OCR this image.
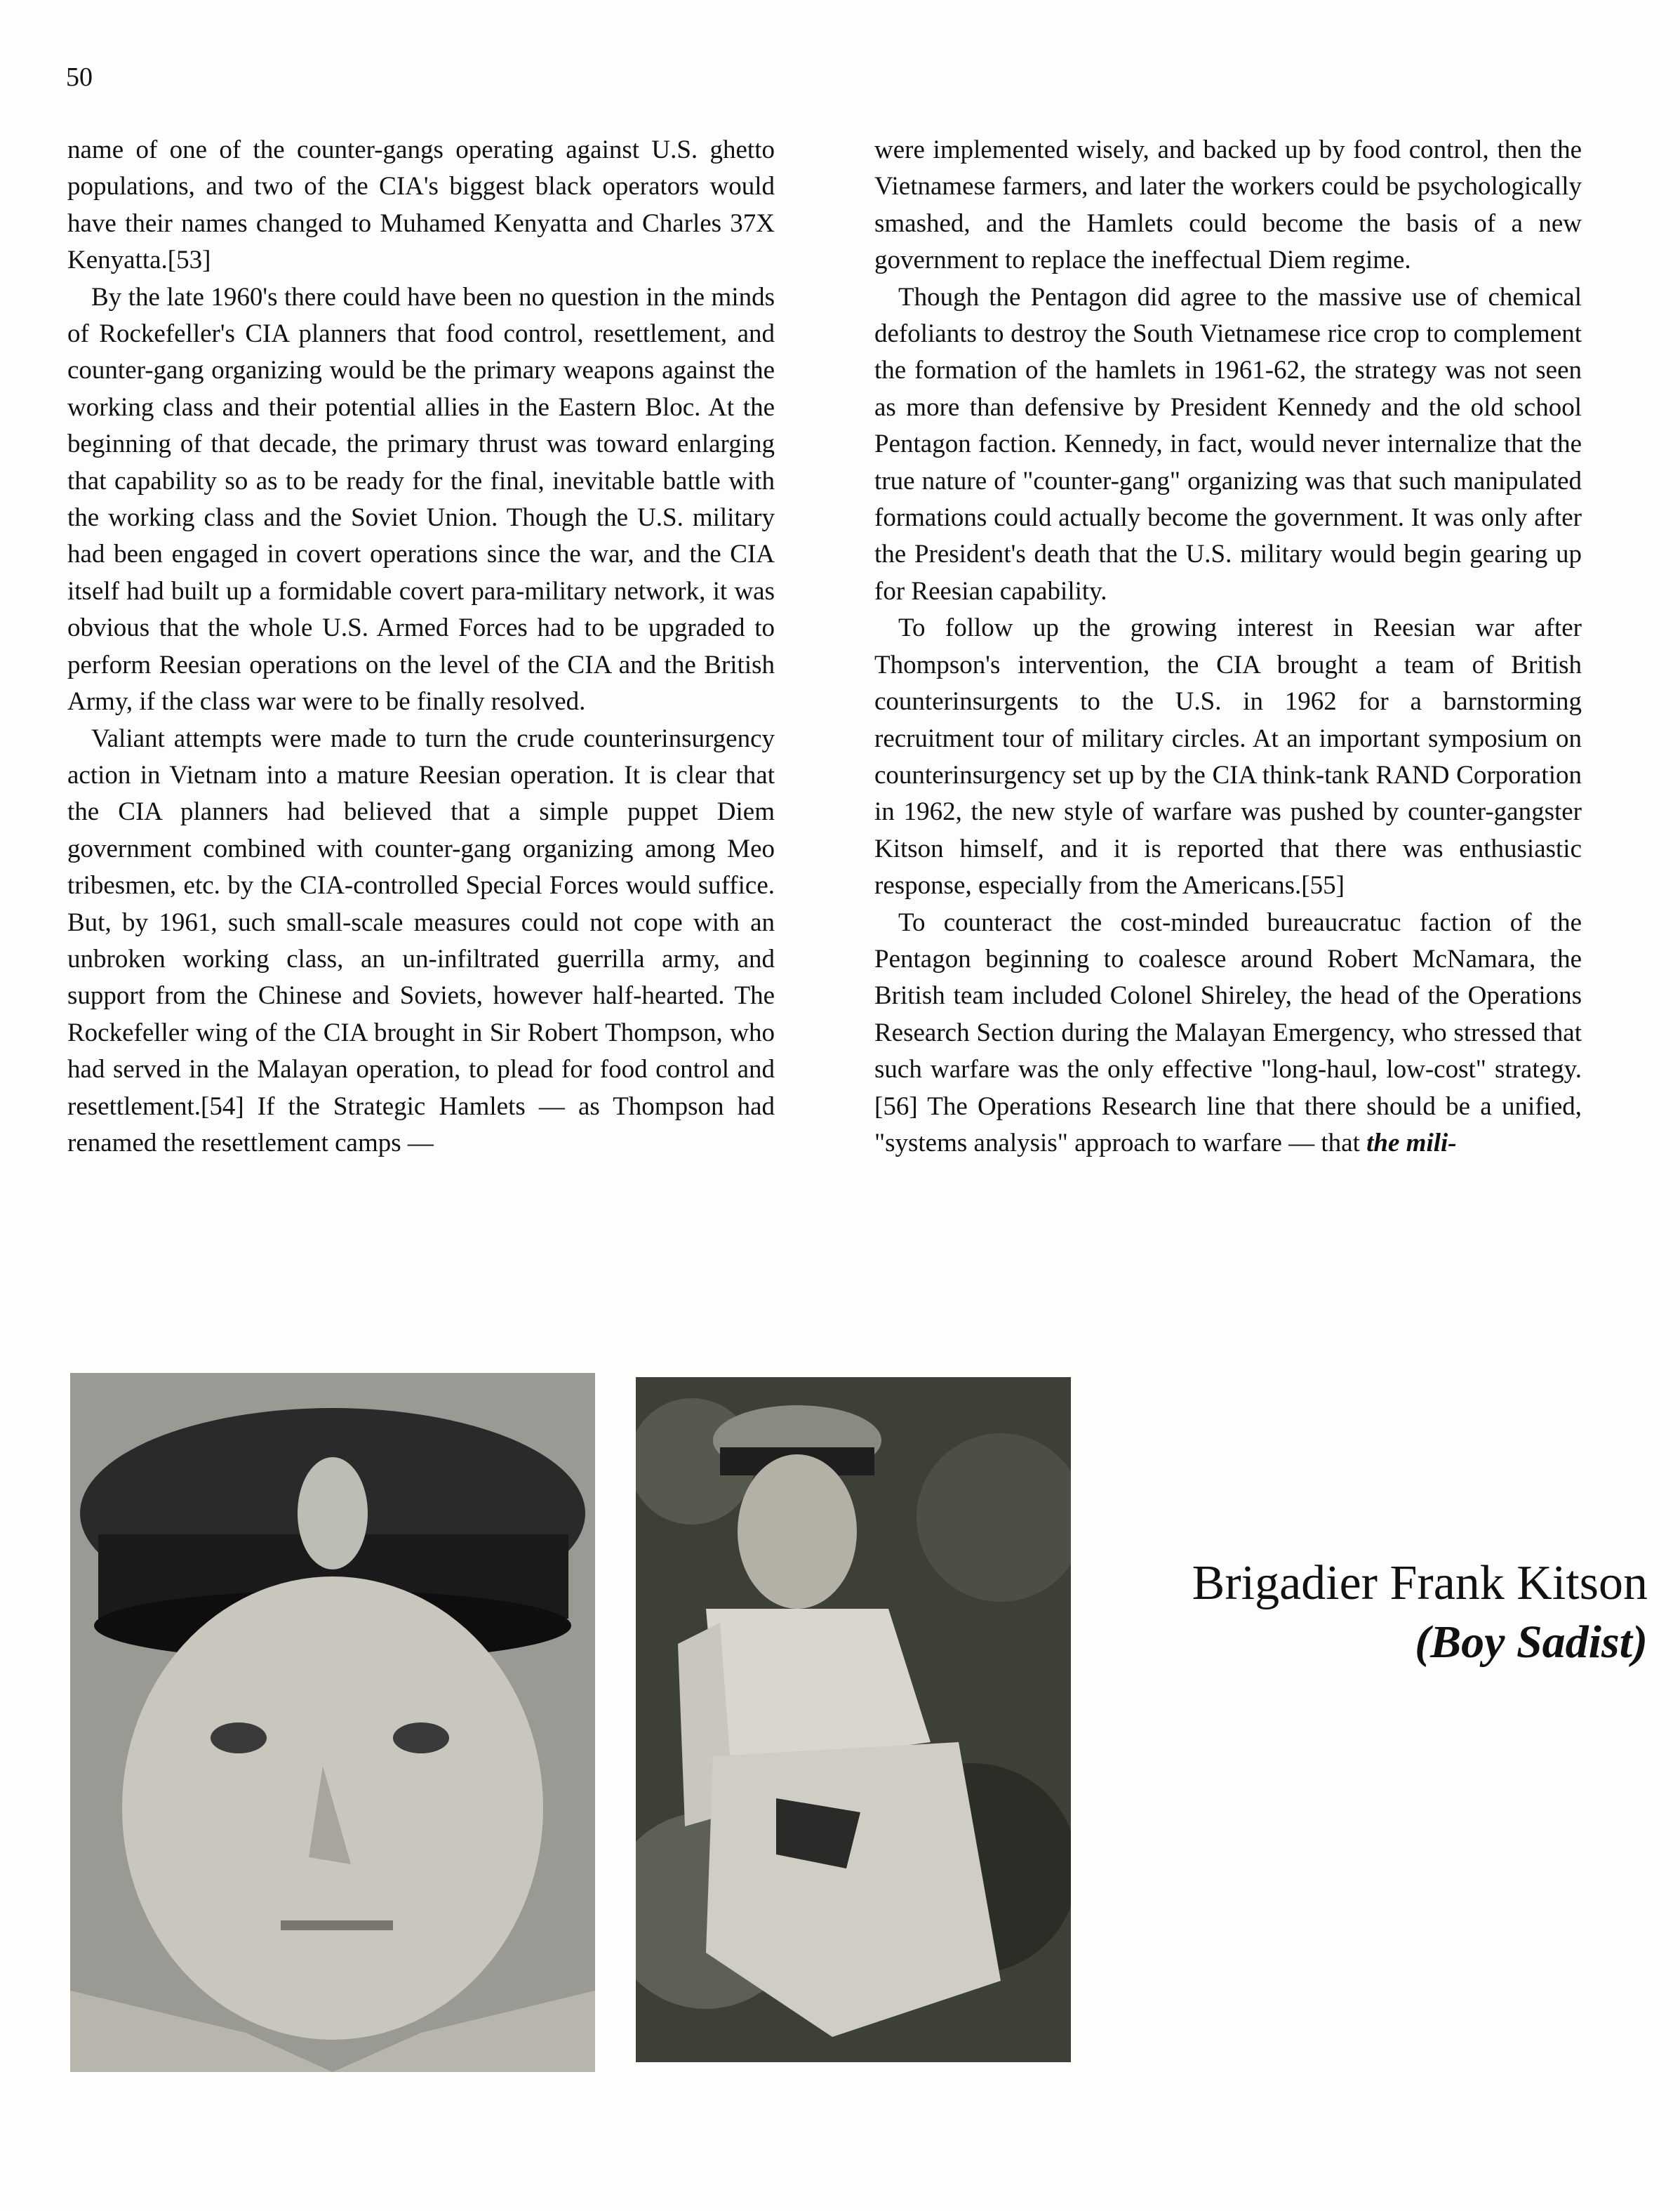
50

name of one of the counter-gangs operating against U.S. ghetto populations, and two of the CIA's biggest black operators would have their names changed to Muhamed Kenyatta and Charles 37X Kenyatta.[53]

By the late 1960's there could have been no question in the minds of Rockefeller's CIA planners that food control, resettlement, and counter-gang organizing would be the primary weapons against the working class and their potential allies in the Eastern Bloc. At the beginning of that decade, the primary thrust was toward enlarging that capability so as to be ready for the final, inevitable battle with the working class and the Soviet Union. Though the U.S. military had been engaged in covert operations since the war, and the CIA itself had built up a formidable covert para-military network, it was obvious that the whole U.S. Armed Forces had to be upgraded to perform Reesian operations on the level of the CIA and the British Army, if the class war were to be finally resolved.

Valiant attempts were made to turn the crude counterinsurgency action in Vietnam into a mature Reesian operation. It is clear that the CIA planners had believed that a simple puppet Diem government combined with counter-gang organizing among Meo tribesmen, etc. by the CIA-controlled Special Forces would suffice. But, by 1961, such small-scale measures could not cope with an unbroken working class, an un-infiltrated guerrilla army, and support from the Chinese and Soviets, however half-hearted. The Rockefeller wing of the CIA brought in Sir Robert Thompson, who had served in the Malayan operation, to plead for food control and resettlement.[54] If the Strategic Hamlets — as Thompson had renamed the resettlement camps —

were implemented wisely, and backed up by food control, then the Vietnamese farmers, and later the workers could be psychologically smashed, and the Hamlets could become the basis of a new government to replace the ineffectual Diem regime.

Though the Pentagon did agree to the massive use of chemical defoliants to destroy the South Vietnamese rice crop to complement the formation of the hamlets in 1961-62, the strategy was not seen as more than defensive by President Kennedy and the old school Pentagon faction. Kennedy, in fact, would never internalize that the true nature of "counter-gang" organizing was that such manipulated formations could actually become the government. It was only after the President's death that the U.S. military would begin gearing up for Reesian capability.

To follow up the growing interest in Reesian war after Thompson's intervention, the CIA brought a team of British counterinsurgents to the U.S. in 1962 for a barnstorming recruitment tour of military circles. At an important symposium on counterinsurgency set up by the CIA think-tank RAND Corporation in 1962, the new style of warfare was pushed by counter-gangster Kitson himself, and it is reported that there was enthusiastic response, especially from the Americans.[55]

To counteract the cost-minded bureaucratuc faction of the Pentagon beginning to coalesce around Robert McNamara, the British team included Colonel Shireley, the head of the Operations Research Section during the Malayan Emergency, who stressed that such warfare was the only effective "long-haul, low-cost" strategy.[56] The Operations Research line that there should be a unified, "systems analysis" approach to warfare — that the mili-

Brigadier Frank Kitson
(Boy Sadist)
